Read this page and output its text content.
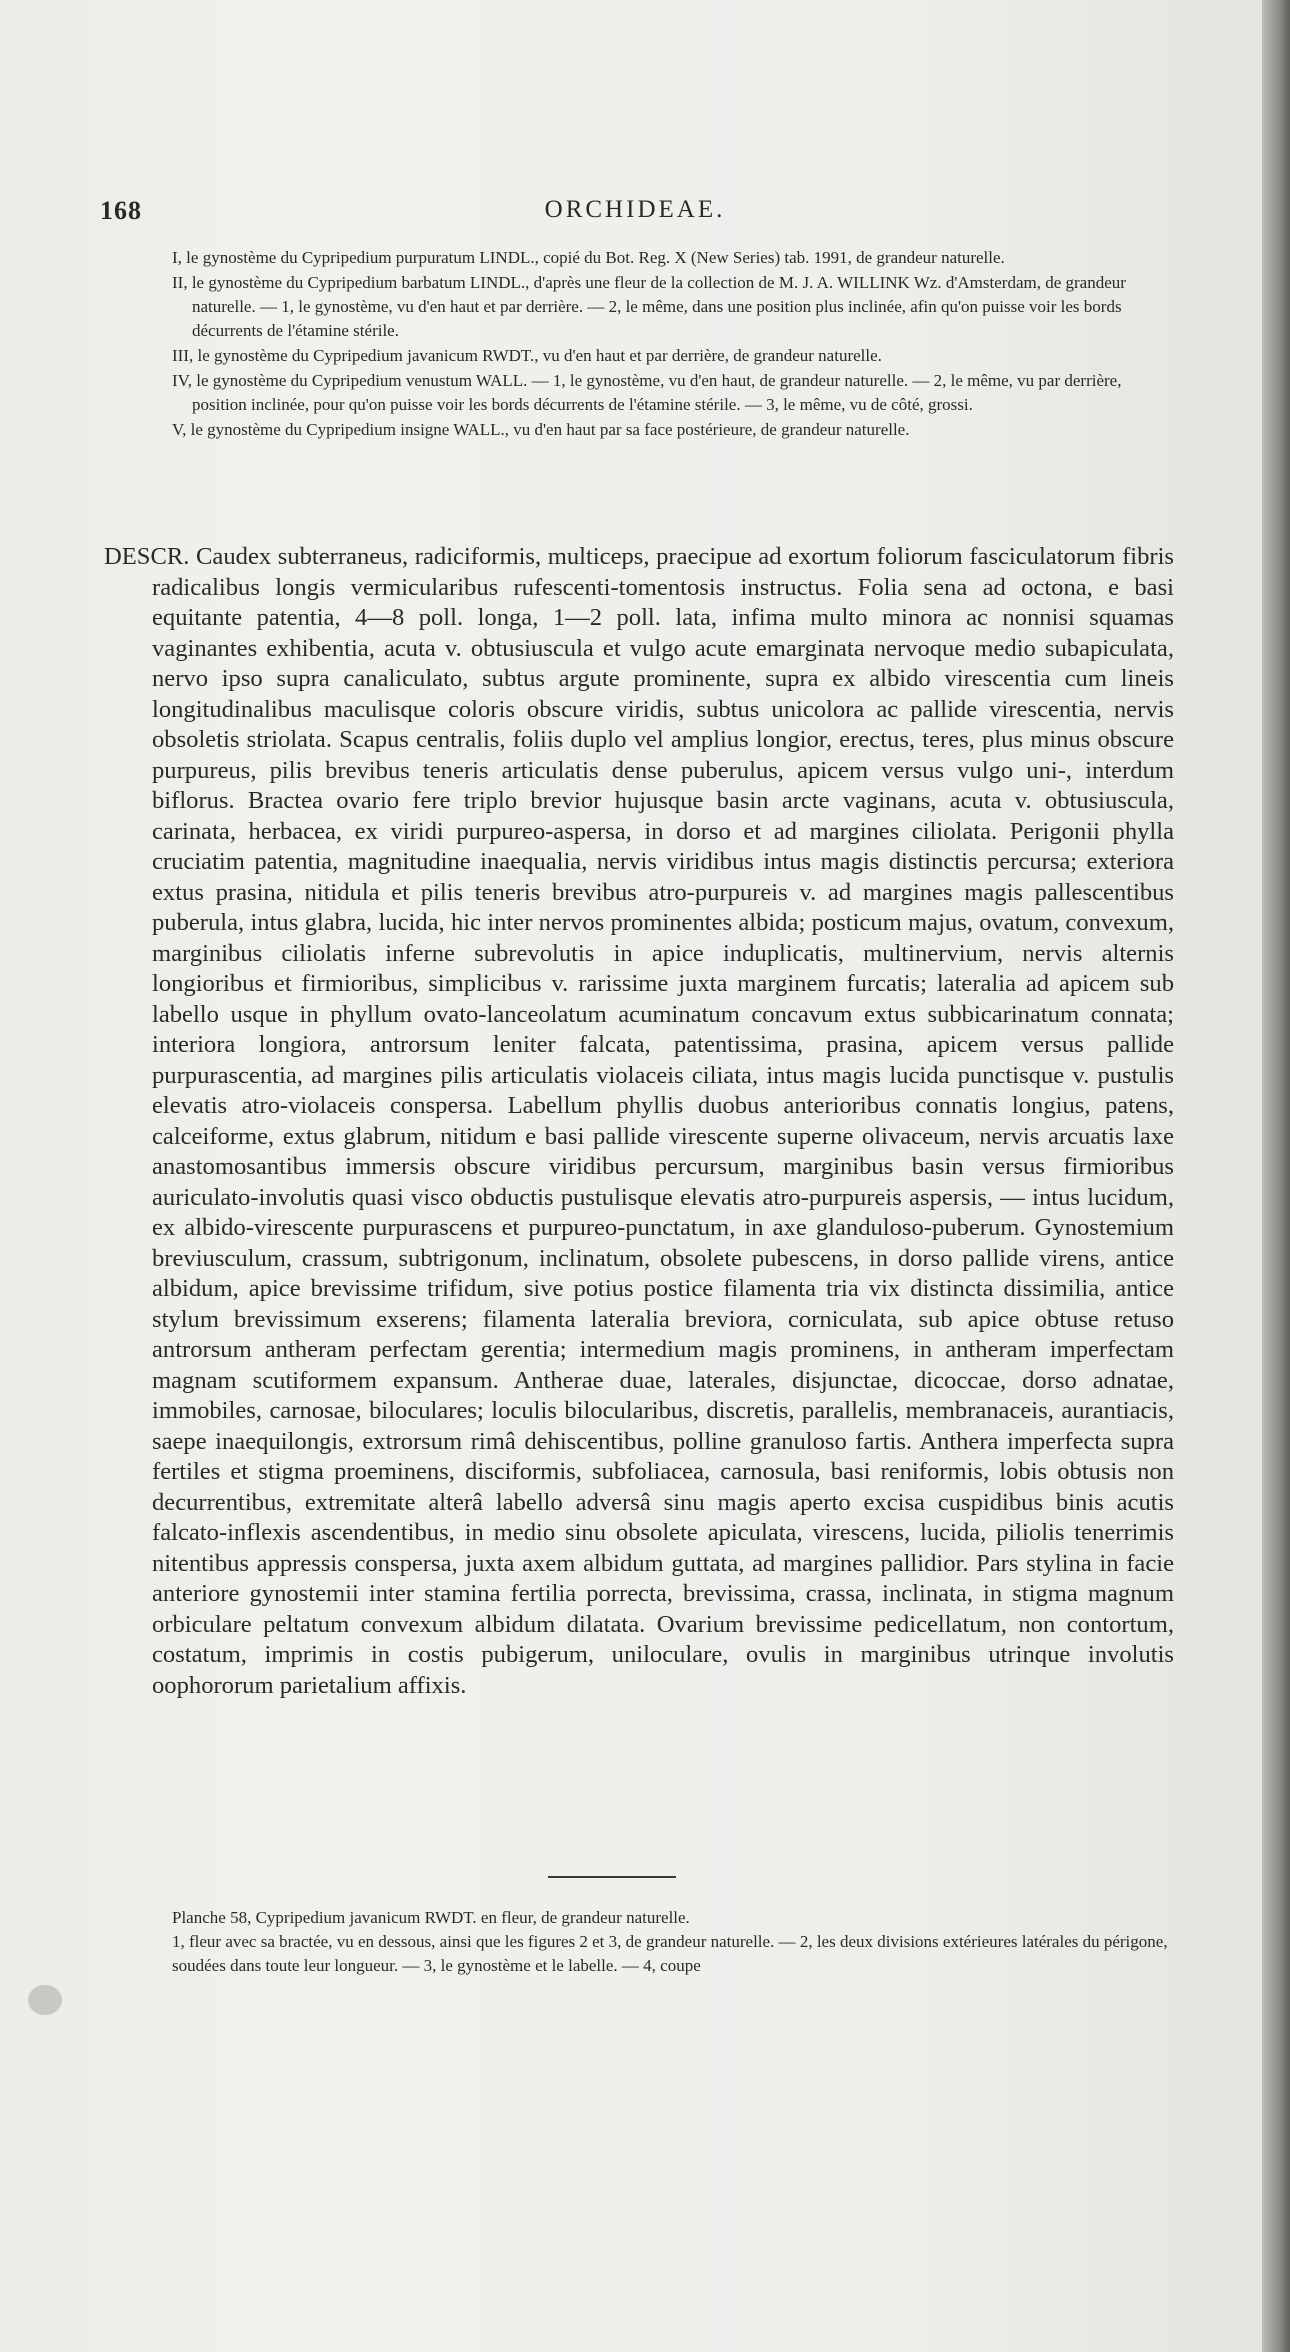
168	ORCHIDEAE.

I, le gynostème du Cypripedium purpuratum LINDL., copié du Bot. Reg. X (New Series) tab. 1991, de grandeur naturelle.

II, le gynostème du Cypripedium barbatum LINDL., d'après une fleur de la collection de M. J. A. WILLINK Wz. d'Amsterdam, de grandeur naturelle. — 1, le gynostème, vu d'en haut et par derrière. — 2, le même, dans une position plus inclinée, afin qu'on puisse voir les bords décurrents de l'étamine stérile.

III, le gynostème du Cypripedium javanicum RWDT., vu d'en haut et par derrière, de grandeur naturelle.

IV, le gynostème du Cypripedium venustum WALL. — 1, le gynostème, vu d'en haut, de grandeur naturelle. — 2, le même, vu par derrière, position inclinée, pour qu'on puisse voir les bords décurrents de l'étamine stérile. — 3, le même, vu de côté, grossi.

V, le gynostème du Cypripedium insigne WALL., vu d'en haut par sa face postérieure, de grandeur naturelle.

DESCR. Caudex subterraneus, radiciformis, multiceps, praecipue ad exortum foliorum fasciculatorum fibris radicalibus longis vermicularibus rufescenti-tomentosis instructus. Folia sena ad octona, e basi equitante patentia, 4—8 poll. longa, 1—2 poll. lata, infima multo minora ac nonnisi squamas vaginantes exhibentia, acuta v. obtusiuscula et vulgo acute emarginata nervoque medio subapiculata, nervo ipso supra canaliculato, subtus argute prominente, supra ex albido virescentia cum lineis longitudinalibus maculisque coloris obscure viridis, subtus unicolora ac pallide virescentia, nervis obsoletis striolata. Scapus centralis, foliis duplo vel amplius longior, erectus, teres, plus minus obscure purpureus, pilis brevibus teneris articulatis dense puberulus, apicem versus vulgo uni-, interdum biflorus. Bractea ovario fere triplo brevior hujusque basin arcte vaginans, acuta v. obtusiuscula, carinata, herbacea, ex viridi purpureo-aspersa, in dorso et ad margines ciliolata. Perigonii phylla cruciatim patentia, magnitudine inaequalia, nervis viridibus intus magis distinctis percursa; exteriora extus prasina, nitidula et pilis teneris brevibus atro-purpureis v. ad margines magis pallescentibus puberula, intus glabra, lucida, hic inter nervos prominentes albida; posticum majus, ovatum, convexum, marginibus ciliolatis inferne subrevolutis in apice induplicatis, multinervium, nervis alternis longioribus et firmioribus, simplicibus v. rarissime juxta marginem furcatis; lateralia ad apicem sub labello usque in phyllum ovato-lanceolatum acuminatum concavum extus subbicarinatum connata; interiora longiora, antrorsum leniter falcata, patentissima, prasina, apicem versus pallide purpurascentia, ad margines pilis articulatis violaceis ciliata, intus magis lucida punctisque v. pustulis elevatis atro-violaceis conspersa. Labellum phyllis duobus anterioribus connatis longius, patens, calceiforme, extus glabrum, nitidum e basi pallide virescente superne olivaceum, nervis arcuatis laxe anastomosantibus immersis obscure viridibus percursum, marginibus basin versus firmioribus auriculato-involutis quasi visco obductis pustulisque elevatis atro-purpureis aspersis, — intus lucidum, ex albido-virescente purpurascens et purpureo-punctatum, in axe glanduloso-puberum. Gynostemium breviusculum, crassum, subtrigonum, inclinatum, obsolete pubescens, in dorso pallide virens, antice albidum, apice brevissime trifidum, sive potius postice filamenta tria vix distincta dissimilia, antice stylum brevissimum exserens; filamenta lateralia breviora, corniculata, sub apice obtuse retuso antrorsum antheram perfectam gerentia; intermedium magis prominens, in antheram imperfectam magnam scutiformem expansum. Antherae duae, laterales, disjunctae, dicoccae, dorso adnatae, immobiles, carnosae, biloculares; loculis bilocularibus, discretis, parallelis, membranaceis, aurantiacis, saepe inaequilongis, extrorsum rimâ dehiscentibus, polline granuloso fartis. Anthera imperfecta supra fertiles et stigma proeminens, disciformis, subfoliacea, carnosula, basi reniformis, lobis obtusis non decurrentibus, extremitate alterâ labello adversâ sinu magis aperto excisa cuspidibus binis acutis falcato-inflexis ascendentibus, in medio sinu obsolete apiculata, virescens, lucida, piliolis tenerrimis nitentibus appressis conspersa, juxta axem albidum guttata, ad margines pallidior. Pars stylina in facie anteriore gynostemii inter stamina fertilia porrecta, brevissima, crassa, inclinata, in stigma magnum orbiculare peltatum convexum albidum dilatata. Ovarium brevissime pedicellatum, non contortum, costatum, imprimis in costis pubigerum, uniloculare, ovulis in marginibus utrinque involutis oophororum parietalium affixis.

Planche 58, Cypripedium javanicum RWDT. en fleur, de grandeur naturelle.

1, fleur avec sa bractée, vu en dessous, ainsi que les figures 2 et 3, de grandeur naturelle. — 2, les deux divisions extérieures latérales du périgone, soudées dans toute leur longueur. — 3, le gynostème et le labelle. — 4, coupe
